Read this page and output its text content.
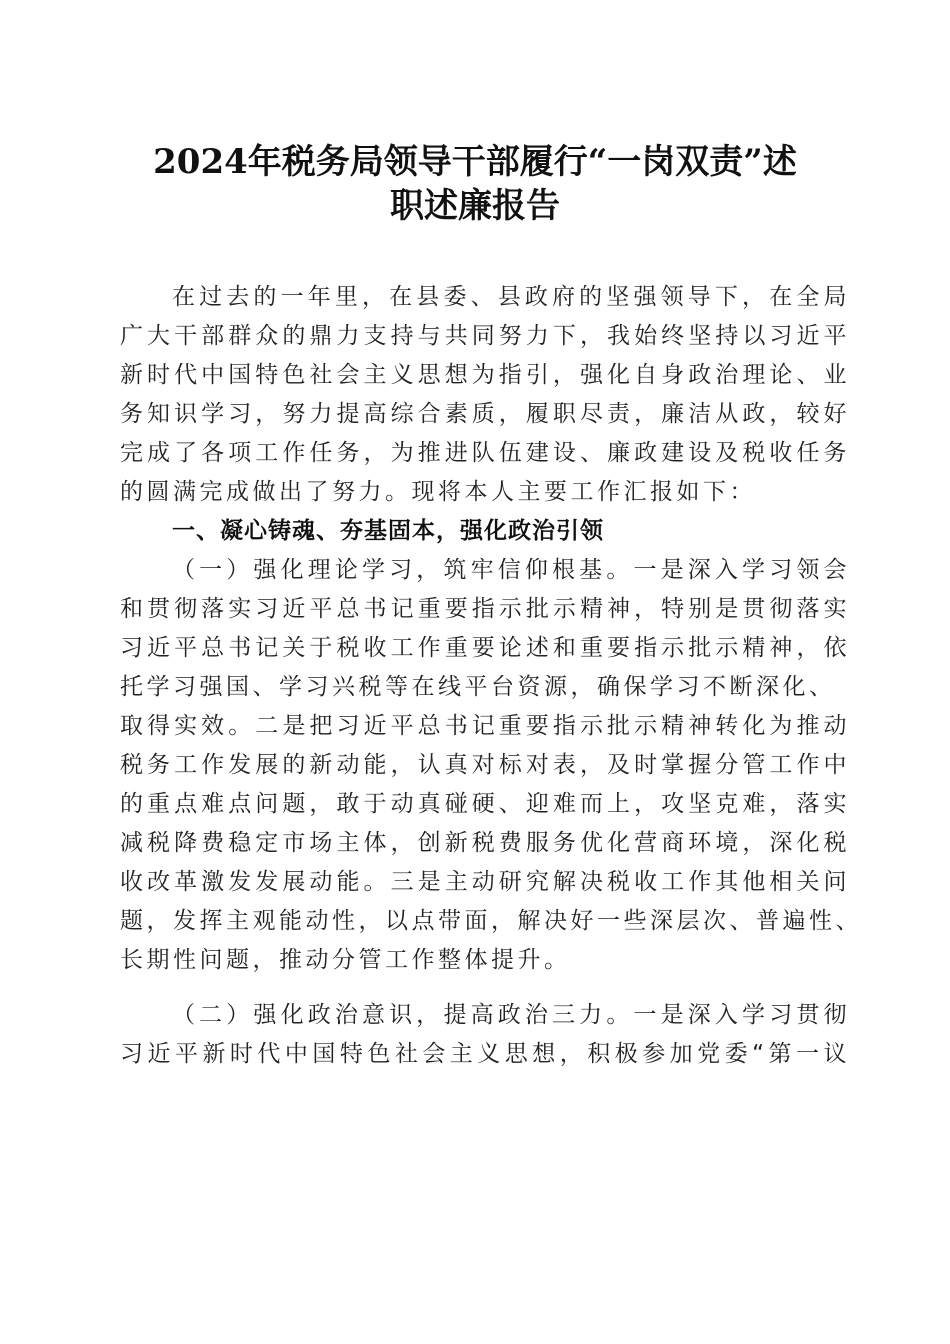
2024年税务局领导干部履行“一岗双责”述
职述廉报告

在过去的一年里，在县委、县政府的坚强领导下，在全局
广大干部群众的鼎力支持与共同努力下，我始终坚持以习近平
新时代中国特色社会主义思想为指引，强化自身政治理论、业
务知识学习，努力提高综合素质，履职尽责，廉洁从政，较好
完成了各项工作任务，为推进队伍建设、廉政建设及税收任务
的圆满完成做出了努力。现将本人主要工作汇报如下：

一、凝心铸魂、夯基固本，强化政治引领

（一）强化理论学习，筑牢信仰根基。一是深入学习领会
和贯彻落实习近平总书记重要指示批示精神，特别是贯彻落实
习近平总书记关于税收工作重要论述和重要指示批示精神，依
托学习强国、学习兴税等在线平台资源，确保学习不断深化、
取得实效。二是把习近平总书记重要指示批示精神转化为推动
税务工作发展的新动能，认真对标对表，及时掌握分管工作中
的重点难点问题，敢于动真碰硬、迎难而上，攻坚克难，落实
减税降费稳定市场主体，创新税费服务优化营商环境，深化税
收改革激发发展动能。三是主动研究解决税收工作其他相关问
题，发挥主观能动性，以点带面，解决好一些深层次、普遍性、
长期性问题，推动分管工作整体提升。

（二）强化政治意识，提高政治三力。一是深入学习贯彻
习近平新时代中国特色社会主义思想，积极参加党委“第一议
